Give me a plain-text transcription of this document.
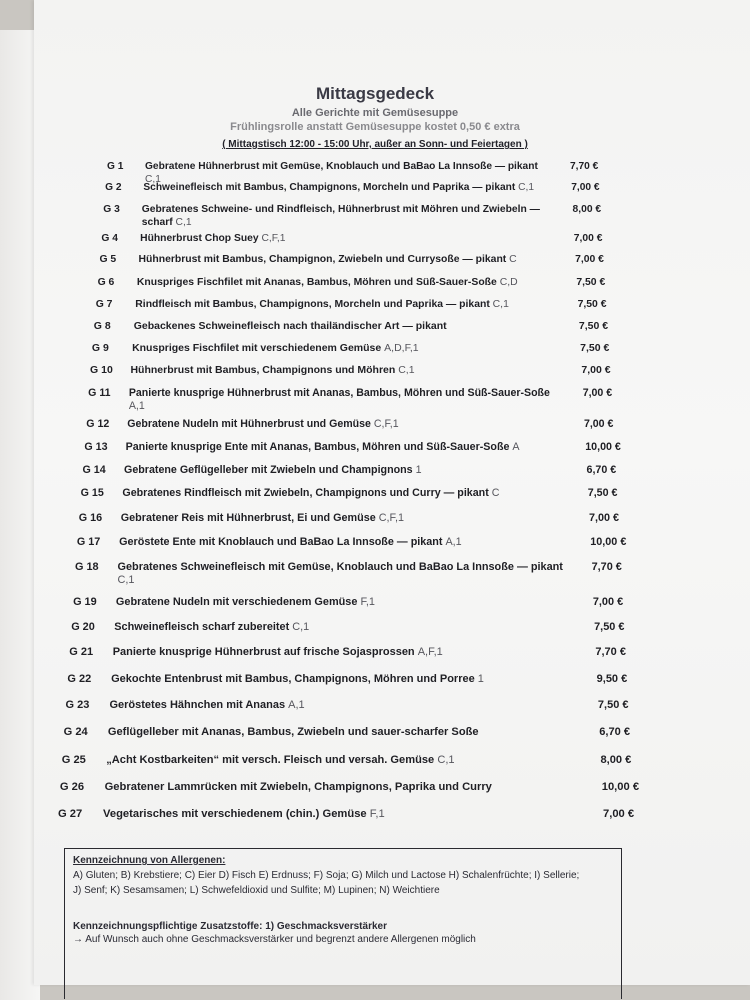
Mittagsgedeck
Alle Gerichte mit Gemüsesuppe
Frühlingsrolle anstatt Gemüsesuppe kostet 0,50 € extra
( Mittagstisch 12:00 - 15:00 Uhr, außer an Sonn- und Feiertagen )
G 1 Gebratene Hühnerbrust mit Gemüse, Knoblauch und BaBao La Innsoße — pikant C,1
7,70 €
G 2 Schweinefleisch mit Bambus, Champignons, Morcheln und Paprika — pikant C,1	7,00 €
G 3 Gebratenes Schweine- und Rindfleisch, Hühnerbrust mit Möhren und Zwiebeln — scharf C,1
8,00 €
G 4 Hühnerbrust Chop Suey C,F,1	7,00 €
G 5 Hühnerbrust mit Bambus, Champignon, Zwiebeln und Currysoße — pikant C	7,00 €
G 6 Knuspriges Fischfilet mit Ananas, Bambus, Möhren und Süß-Sauer-Soße C,D	7,50 €
G 7 Rindfleisch mit Bambus, Champignons, Morcheln und Paprika — pikant C,1	7,50 €
G 8 Gebackenes Schweinefleisch nach thailändischer Art — pikant	7,50 €
G 9 Knuspriges Fischfilet mit verschiedenem Gemüse A,D,F,1	7,50 €
G 10 Hühnerbrust mit Bambus, Champignons und Möhren C,1	7,00 €
G 11 Panierte knusprige Hühnerbrust mit Ananas, Bambus, Möhren und Süß-Sauer-Soße A,1
7,00 €
G 12 Gebratene Nudeln mit Hühnerbrust und Gemüse C,F,1	7,00 €
G 13 Panierte knusprige Ente mit Ananas, Bambus, Möhren und Süß-Sauer-Soße A	10,00 €
G 14 Gebratene Geflügelleber mit Zwiebeln und Champignons 1	6,70 €
G 15 Gebratenes Rindfleisch mit Zwiebeln, Champignons und Curry — pikant C	7,50 €
G 16 Gebratener Reis mit Hühnerbrust, Ei und Gemüse C,F,1	7,00 €
G 17 Geröstete Ente mit Knoblauch und BaBao La Innsoße — pikant A,1	10,00 €
G 18 Gebratenes Schweinefleisch mit Gemüse, Knoblauch und BaBao La Innsoße — pikant C,1
7,70 €
G 19 Gebratene Nudeln mit verschiedenem Gemüse F,1	7,00 €
G 20 Schweinefleisch scharf zubereitet C,1	7,50 €
G 21 Panierte knusprige Hühnerbrust auf frische Sojasprossen A,F,1	7,70 €
G 22 Gekochte Entenbrust mit Bambus, Champignons, Möhren und Porree 1	9,50 €
G 23 Geröstetes Hähnchen mit Ananas A,1	7,50 €
G 24 Geflügelleber mit Ananas, Bambus, Zwiebeln und sauer-scharfer Soße	6,70 €
G 25 „Acht Kostbarkeiten“ mit versch. Fleisch und versah. Gemüse C,1	8,00 €
G 26 Gebratener Lammrücken mit Zwiebeln, Champignons, Paprika und Curry	10,00 €
G 27 Vegetarisches mit verschiedenem (chin.) Gemüse F,1	7,00 €
Kennzeichnung von Allergenen:
A) Gluten; B) Krebstiere; C) Eier D) Fisch E) Erdnuss; F) Soja; G) Milch und Lactose H) Schalenfrüchte; I) Sellerie;
J) Senf; K) Sesamsamen; L) Schwefeldioxid und Sulfite; M) Lupinen; N) Weichtiere
Kennzeichnungspflichtige Zusatzstoffe: 1) Geschmacksverstärker
→ Auf Wunsch auch ohne Geschmacksverstärker und begrenzt andere Allergenen möglich
